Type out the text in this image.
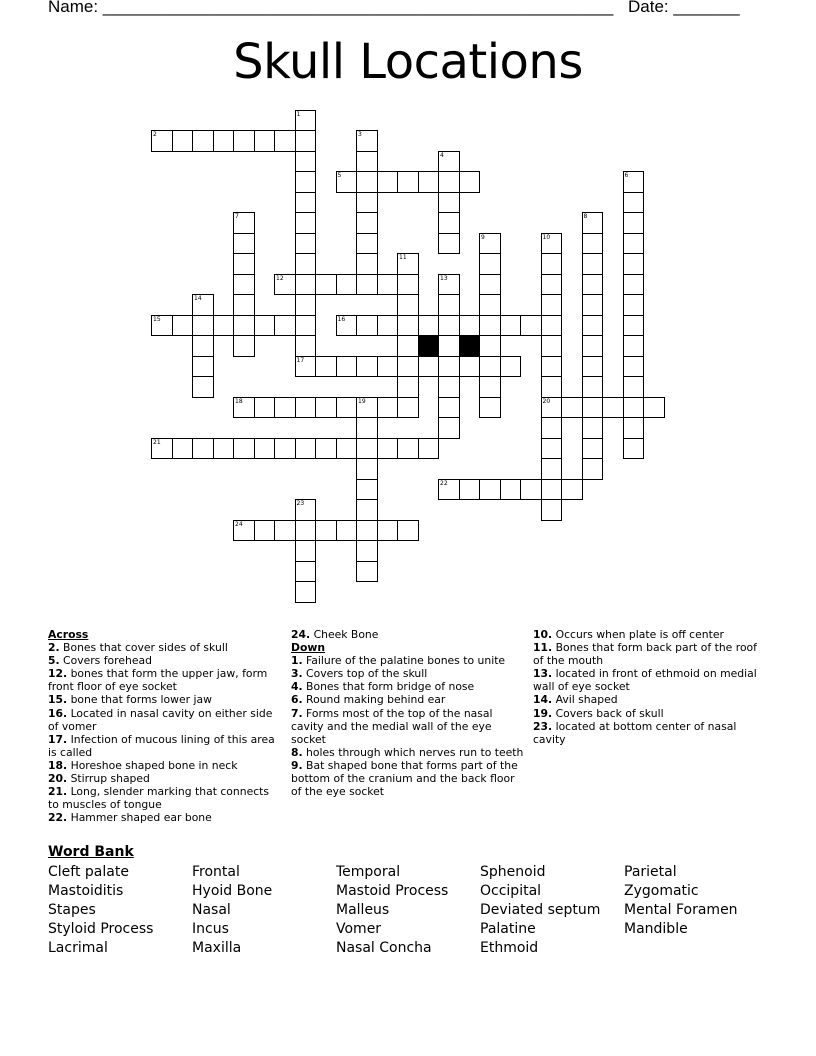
Name: ______________________________________________________ Date: _______
Skull Locations
1
2	3
4
5	6
7	8
9	10
20
11
12	13
14
15	16
17
18	19
21
22
23
24
Across
2. Bones that cover sides of skull
5. Covers forehead
12. bones that form the upper jaw, form front floor of eye socket
15. bone that forms lower jaw
16. Located in nasal cavity on either side of vomer
17. Infection of mucous lining of this area is called
18. Horeshoe shaped bone in neck
20. Stirrup shaped
21. Long, slender marking that connects to muscles of tongue
22. Hammer shaped ear bone
24. Cheek Bone
Down
1. Failure of the palatine bones to unite
3. Covers top of the skull
4. Bones that form bridge of nose
6. Round making behind ear
7. Forms most of the top of the nasal cavity and the medial wall of the eye socket
8. holes through which nerves run to teeth
9. Bat shaped bone that forms part of the bottom of the cranium and the back floor of the eye socket
10. Occurs when plate is off center
11. Bones that form back part of the roof of the mouth
13. located in front of ethmoid on medial wall of eye socket
14. Avil shaped
19. Covers back of skull
23. located at bottom center of nasal cavity
Word Bank
Cleft palate
Mastoiditis
Stapes
Styloid Process
Lacrimal
Frontal
Hyoid Bone
Nasal
Incus
Maxilla
Temporal
Mastoid Process
Malleus
Vomer
Nasal Concha
Sphenoid
Occipital
Deviated septum
Palatine
Ethmoid
Parietal
Zygomatic
Mental Foramen
Mandible
